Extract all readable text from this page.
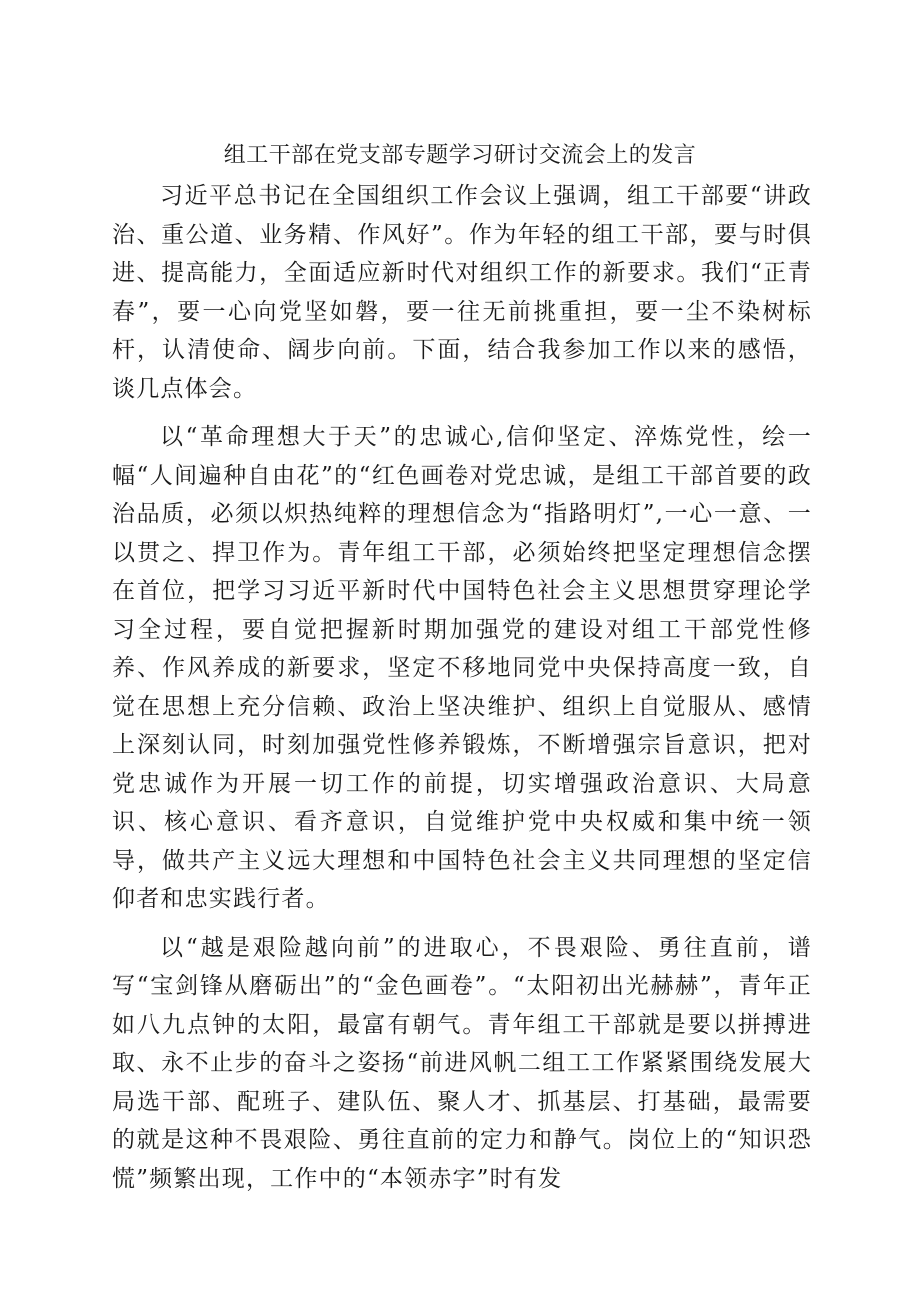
组工干部在党支部专题学习研讨交流会上的发言

习近平总书记在全国组织工作会议上强调，组工干部要“讲政治、重公道、业务精、作风好”。作为年轻的组工干部，要与时俱进、提高能力，全面适应新时代对组织工作的新要求。我们“正青春”，要一心向党坚如磐，要一往无前挑重担，要一尘不染树标杆，认清使命、阔步向前。下面，结合我参加工作以来的感悟，谈几点体会。

以“革命理想大于天”的忠诚心,信仰坚定、淬炼党性，绘一幅“人间遍种自由花”的“红色画卷对党忠诚，是组工干部首要的政治品质，必须以炽热纯粹的理想信念为“指路明灯”,一心一意、一以贯之、捍卫作为。青年组工干部，必须始终把坚定理想信念摆在首位，把学习习近平新时代中国特色社会主义思想贯穿理论学习全过程，要自觉把握新时期加强党的建设对组工干部党性修养、作风养成的新要求，坚定不移地同党中央保持高度一致，自觉在思想上充分信赖、政治上坚决维护、组织上自觉服从、感情上深刻认同，时刻加强党性修养锻炼，不断增强宗旨意识，把对党忠诚作为开展一切工作的前提，切实增强政治意识、大局意识、核心意识、看齐意识，自觉维护党中央权威和集中统一领导，做共产主义远大理想和中国特色社会主义共同理想的坚定信仰者和忠实践行者。

以“越是艰险越向前”的进取心，不畏艰险、勇往直前，谱写“宝剑锋从磨砺出”的“金色画卷”。“太阳初出光赫赫”，青年正如八九点钟的太阳，最富有朝气。青年组工干部就是要以拼搏进取、永不止步的奋斗之姿扬“前进风帆二组工工作紧紧围绕发展大局选干部、配班子、建队伍、聚人才、抓基层、打基础，最需要的就是这种不畏艰险、勇往直前的定力和静气。岗位上的“知识恐慌”频繁出现，工作中的“本领赤字”时有发
